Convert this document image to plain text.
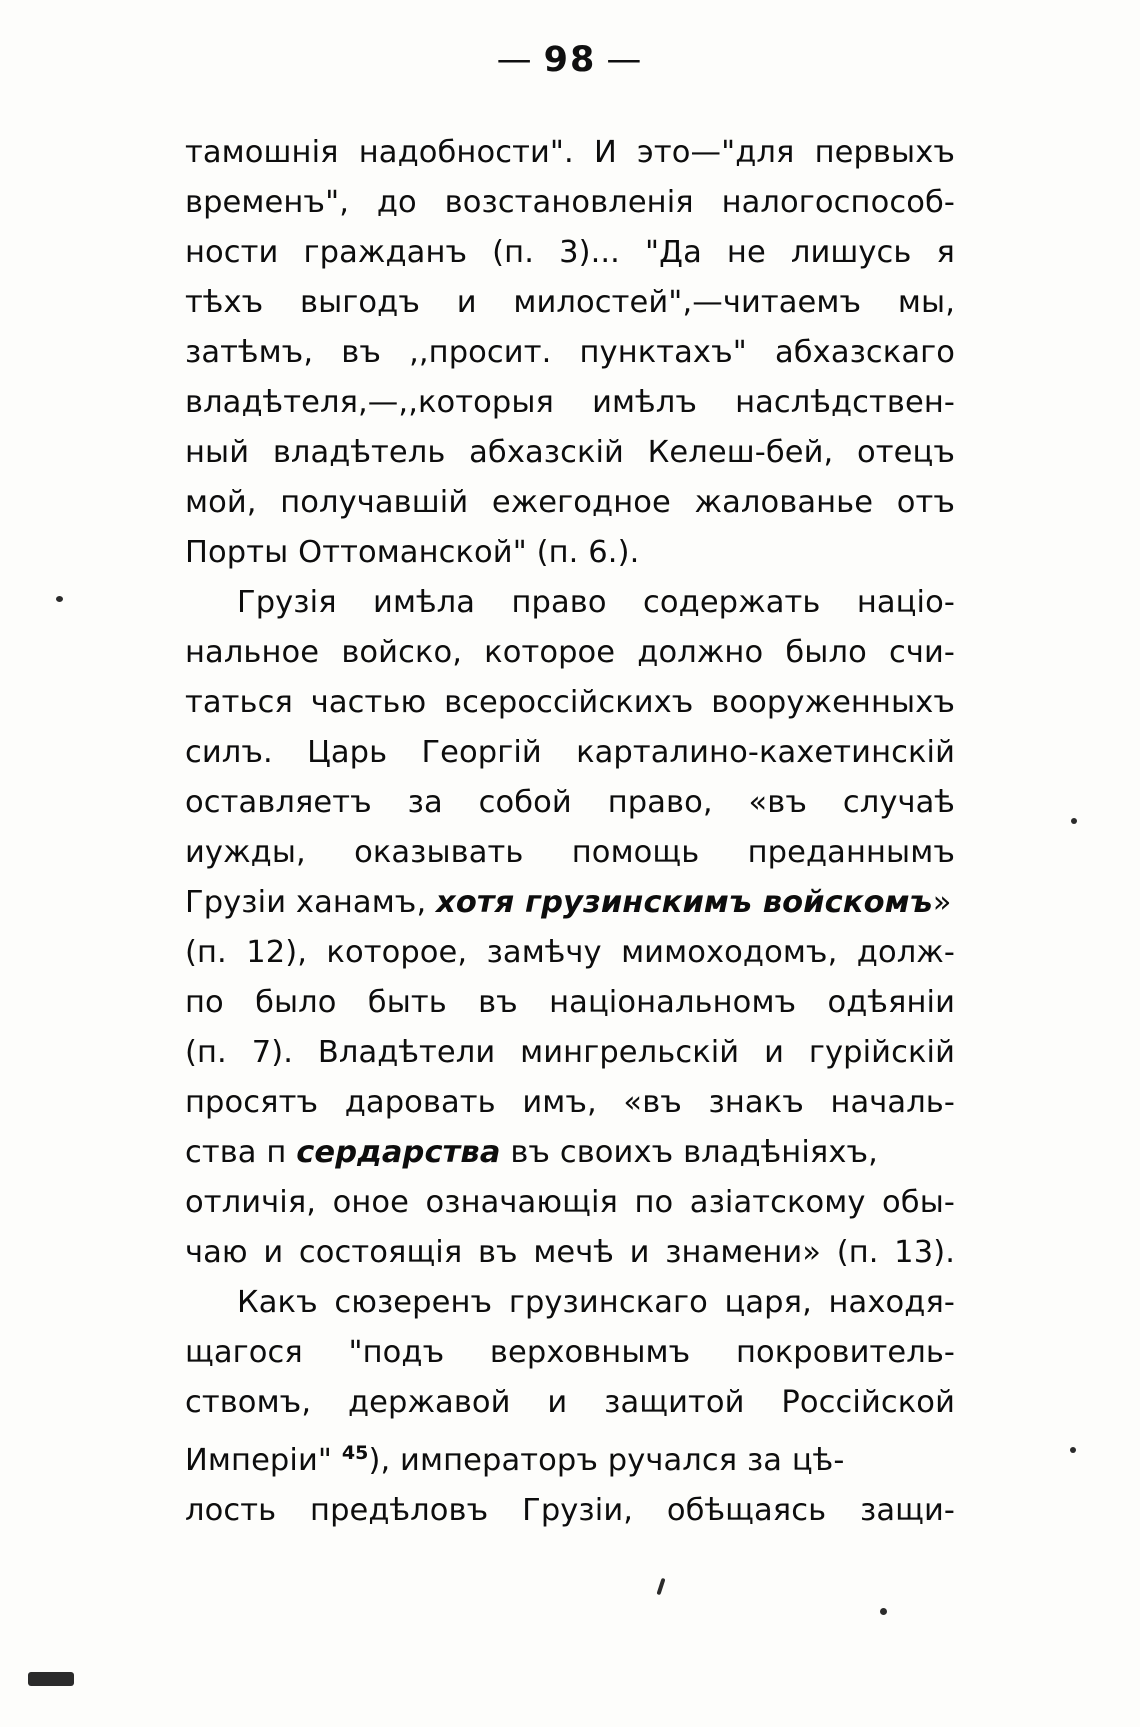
— 98 —

тамошнія надобности". И это—"для первыхъ
временъ", до возстановленія налогоспособ-
ности гражданъ (п. 3)... "Да не лишусь я
тѣхъ выгодъ и милостей",—читаемъ мы,
затѣмъ, въ ,,просит. пунктахъ" абхазскаго
владѣтеля,—,,которыя имѣлъ наслѣдствен-
ный владѣтель абхазскій Келеш-бей, отецъ
мой, получавшій ежегодное жалованье отъ
Порты Оттоманской" (п. 6.).

Грузія имѣла право содержать націо-
нальное войско, которое должно было счи-
таться частью всероссійскихъ вооруженныхъ
силъ. Царь Георгій карталино-кахетинскій
оставляетъ за собой право, «въ случаѣ
иужды, оказывать помощь преданнымъ
Грузіи ханамъ, хотя грузинскимъ войскомъ»
(п. 12), которое, замѣчу мимоходомъ, долж-
по было быть въ національномъ одѣяніи
(п. 7). Владѣтели мингрельскій и гурійскій
просятъ даровать имъ, «въ знакъ началь-
ства п сердарства въ своихъ владѣніяхъ,
отличія, оное означающія по азіатскому обы-
чаю и состоящія въ мечѣ и знамени» (п. 13).

Какъ сюзеренъ грузинскаго царя, находя-
щагося "подъ верховнымъ покровитель-
ствомъ, державой и защитой Россійской
Имперіи" $^{45}$), императоръ ручался за цѣ-
лость предѣловъ Грузіи, обѣщаясь защи-
